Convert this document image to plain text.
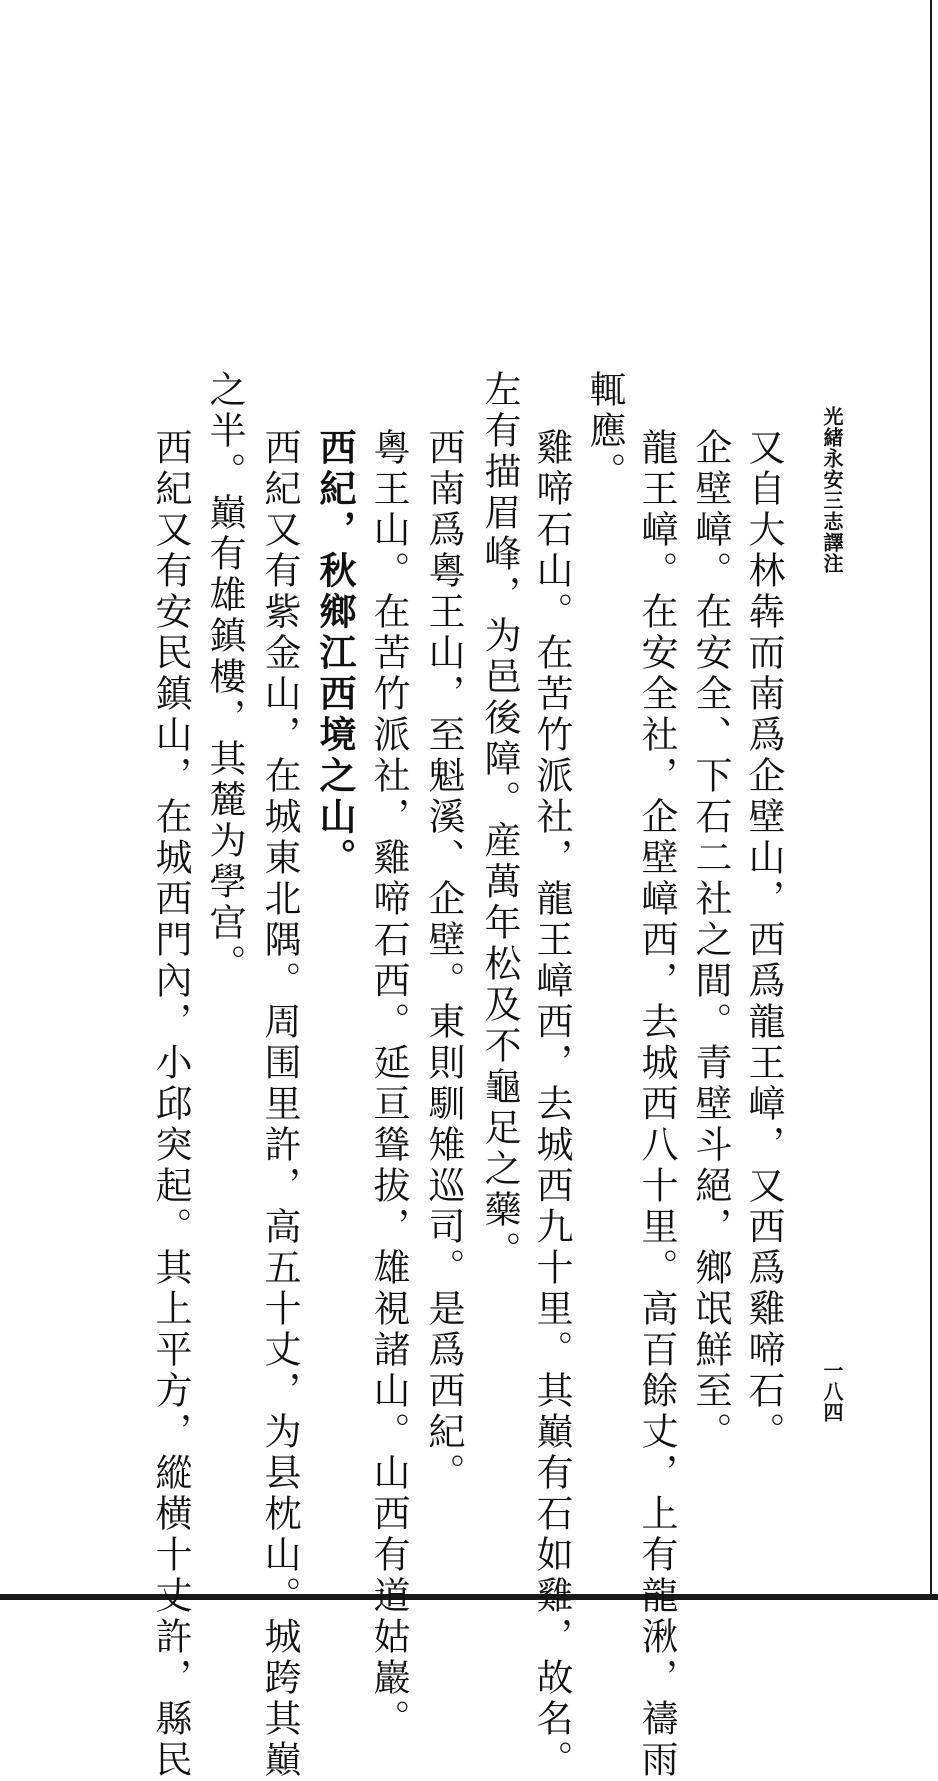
光緒永安三志譯注
一八四
又自大林犇而南爲企壁山，西爲龍王嶂，又西爲雞啼石。
企壁嶂。在安全、下石二社之間。青壁斗絕，鄉氓鮮至。
龍王嶂。在安全社，企壁嶂西，去城西八十里。高百餘丈，上有龍湫，禱雨
輒應。
雞啼石山。在苦竹派社，龍王嶂西，去城西九十里。其巔有石如雞，故名。
左有描眉峰，为邑後障。産萬年松及不龜足之藥。
西南爲粵王山，至魁溪、企壁。東則馴雉巡司。是爲西紀。
粵王山。在苦竹派社，雞啼石西。延亘聳拔，雄視諸山。山西有道姑巖。
西紀，秋鄉江西境之山。
西紀又有紫金山，在城東北隅。周围里許，高五十丈，为县枕山。城跨其巔
之半。巔有雄鎮樓，其麓为學宫。
西紀又有安民鎮山，在城西門內，小邱突起。其上平方，縱横十丈許，縣民
